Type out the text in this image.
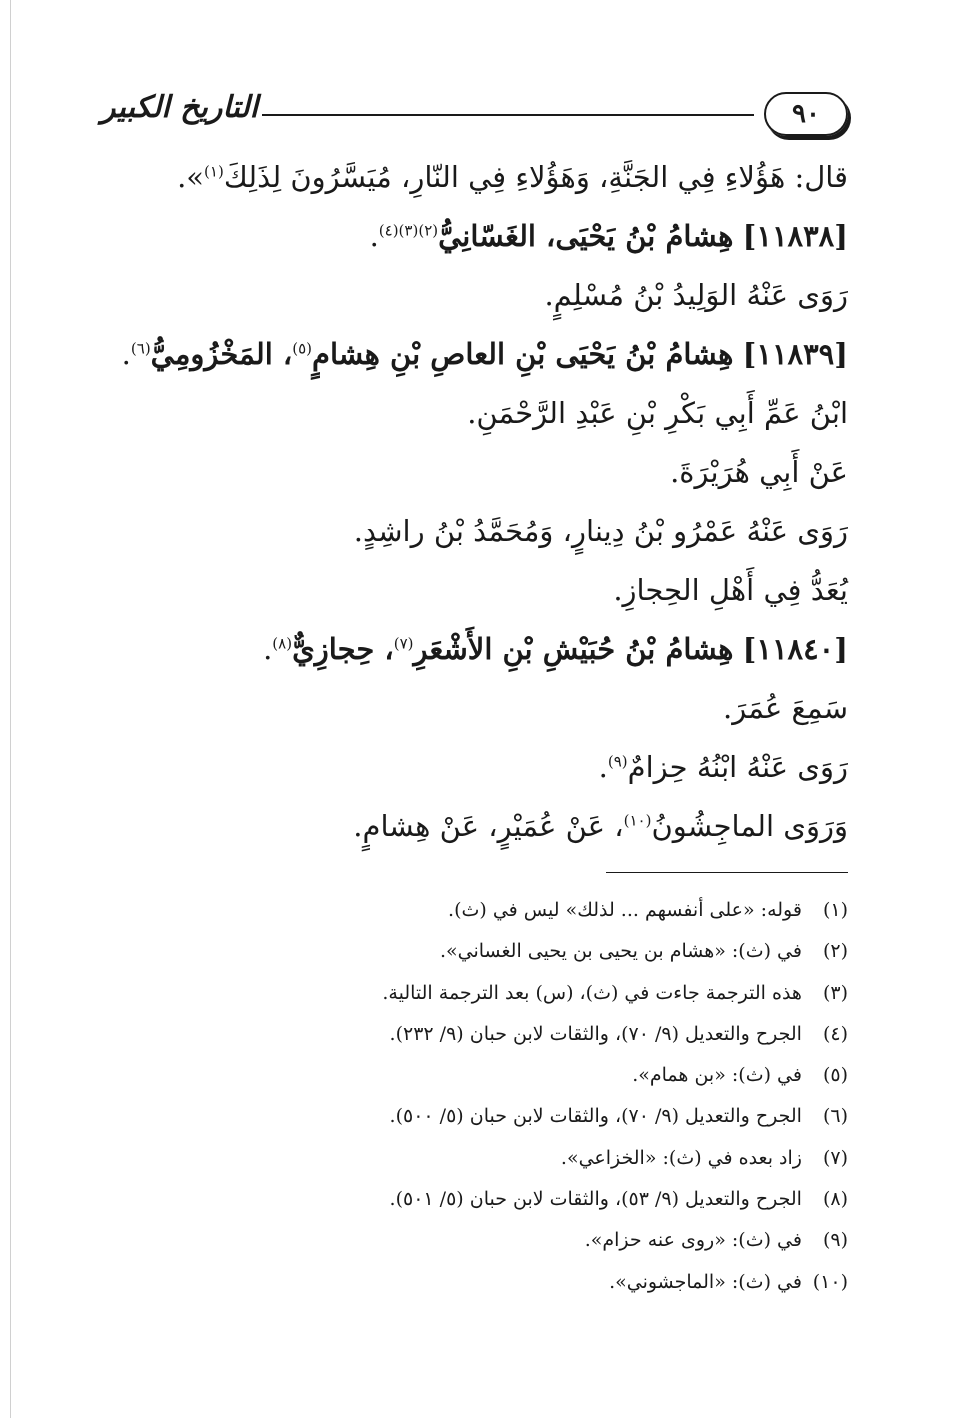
٩٠
التاريخ الكبير
قال: هَؤُلاءِ فِي الجَنَّةِ، وَهَؤُلاءِ فِي النّارِ، مُيَسَّرُونَ لِذَلِكَ$^{(١)}$».
[١١٨٣٨] هِشامُ بْنُ يَحْيَى، الغَسّانِيُّ$^{(٢)(٣)(٤)}$.
رَوَى عَنْهُ الوَلِيدُ بْنُ مُسْلِمٍ.
[١١٨٣٩] هِشامُ بْنُ يَحْيَى بْنِ العاصِ بْنِ هِشامٍ$^{(٥)}$، المَخْزُومِيُّ$^{(٦)}$.
ابْنُ عَمِّ أَبِي بَكْرِ بْنِ عَبْدِ الرَّحْمَنِ.
عَنْ أَبِي هُرَيْرَةَ.
رَوَى عَنْهُ عَمْرُو بْنُ دِينارٍ، وَمُحَمَّدُ بْنُ راشِدٍ.
يُعَدُّ فِي أَهْلِ الحِجازِ.
[١١٨٤٠] هِشامُ بْنُ حُبَيْشِ بْنِ الأَشْعَرِ$^{(٧)}$، حِجازِيٌّ$^{(٨)}$.
سَمِعَ عُمَرَ.
رَوَى عَنْهُ ابْنُهُ حِزامٌ$^{(٩)}$.
وَرَوَى الماجِشُونُ$^{(١٠)}$، عَنْ عُمَيْرٍ، عَنْ هِشامٍ.
(١) قوله: «على أنفسهم ... لذلك» ليس في (ث).
(٢) في (ث): «هشام بن يحيى بن يحيى الغساني».
(٣) هذه الترجمة جاءت في (ث)، (س) بعد الترجمة التالية.
(٤) الجرح والتعديل (٩/ ٧٠)، والثقات لابن حبان (٩/ ٢٣٢).
(٥) في (ث): «بن همام».
(٦) الجرح والتعديل (٩/ ٧٠)، والثقات لابن حبان (٥/ ٥٠٠).
(٧) زاد بعده في (ث): «الخزاعي».
(٨) الجرح والتعديل (٩/ ٥٣)، والثقات لابن حبان (٥/ ٥٠١).
(٩) في (ث): «روى عنه حزام».
(١٠) في (ث): «الماجشوني».
